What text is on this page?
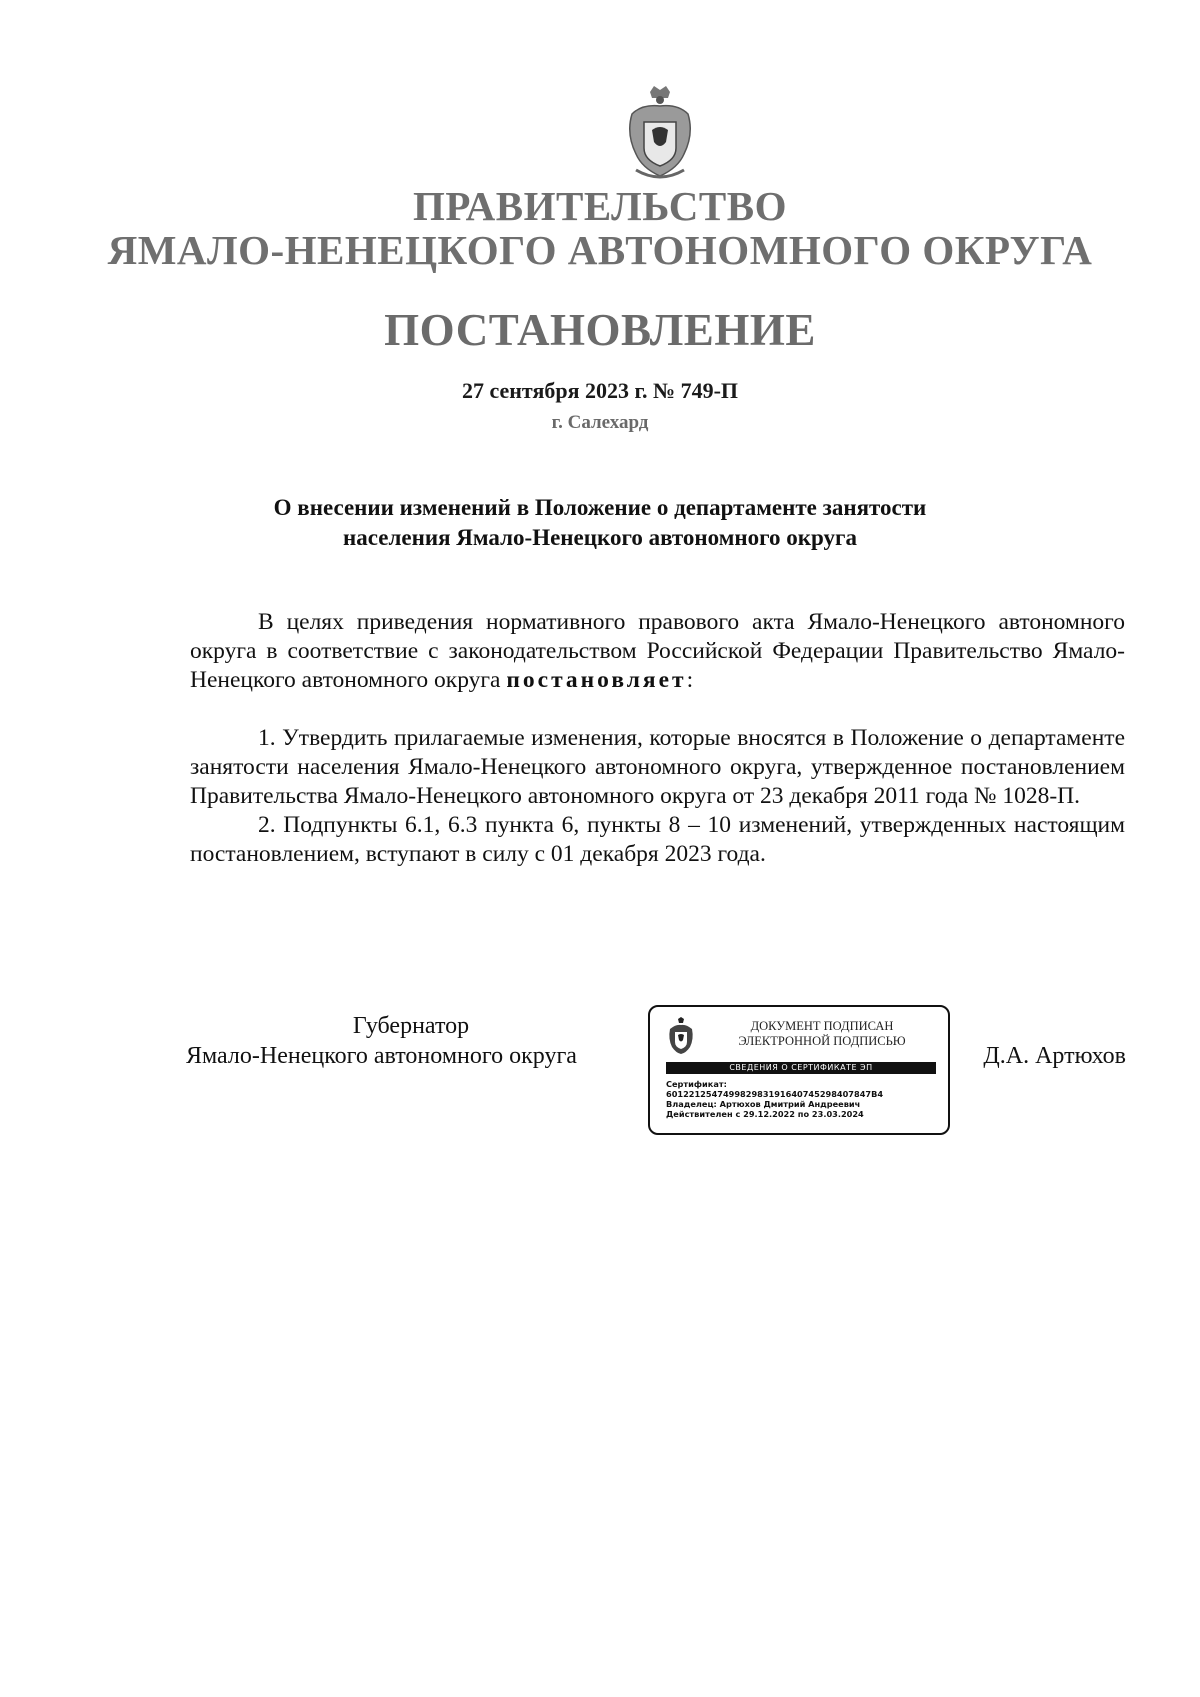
ПРАВИТЕЛЬСТВО
ЯМАЛО-НЕНЕЦКОГО АВТОНОМНОГО ОКРУГА
ПОСТАНОВЛЕНИЕ
27 сентября 2023 г. № 749-П
г. Салехард
О внесении изменений в Положение о департаменте занятости
населения Ямало-Ненецкого автономного округа

В целях приведения нормативного правового акта Ямало-Ненецкого автономного округа в соответствие с законодательством Российской Федерации Правительство Ямало-Ненецкого автономного округа постановляет:

1. Утвердить прилагаемые изменения, которые вносятся в Положение о департаменте занятости населения Ямало-Ненецкого автономного округа, утвержденное постановлением Правительства Ямало-Ненецкого автономного округа от 23 декабря 2011 года № 1028-П.

2. Подпункты 6.1, 6.3 пункта 6, пункты 8 – 10 изменений, утвержденных настоящим постановлением, вступают в силу с 01 декабря 2023 года.

Губернатор
Ямало-Ненецкого автономного округа
ДОКУМЕНТ ПОДПИСАН
ЭЛЕКТРОННОЙ ПОДПИСЬЮ
СВЕДЕНИЯ О СЕРТИФИКАТЕ ЭП
Сертификат:
601221254749982983191640745298407847В4
Владелец: Артюхов Дмитрий Андреевич
Действителен с 29.12.2022 по 23.03.2024
Д.А. Артюхов
